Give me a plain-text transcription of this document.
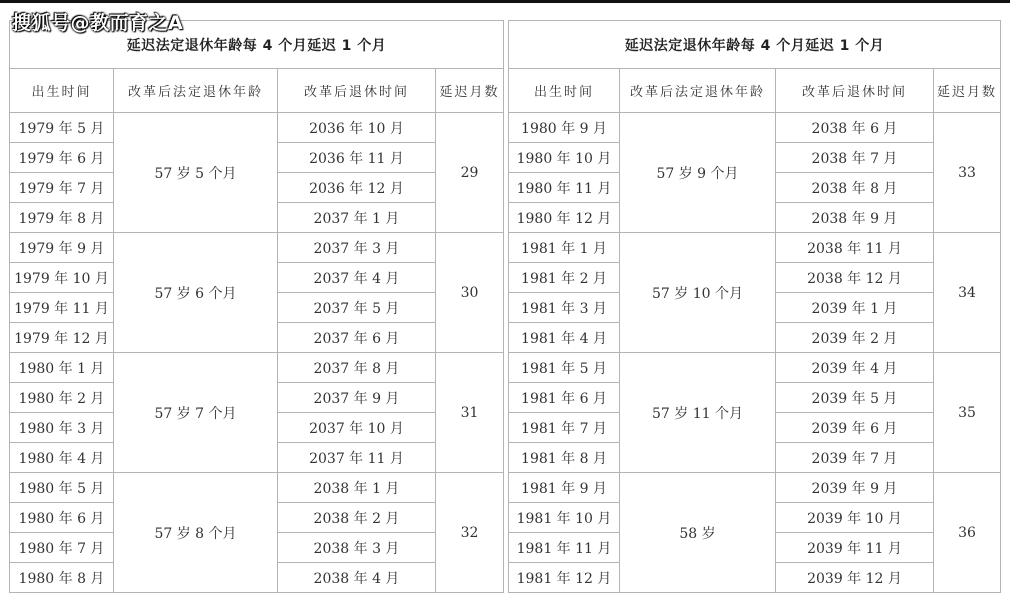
搜狐号@教而育之A
延迟法定退休年龄每 4 个月延迟 1 个月			
出生时间	改革后法定退休年龄	改革后退休时间	延迟月数
1979 年 5 月	57 岁 5 个月	2036 年 10 月	29
1979 年 6 月		2036 年 11 月	
1979 年 7 月		2036 年 12 月	
1979 年 8 月		2037 年 1 月	
1979 年 9 月	57 岁 6 个月	2037 年 3 月	30
1979 年 10 月		2037 年 4 月	
1979 年 11 月		2037 年 5 月	
1979 年 12 月		2037 年 6 月	
1980 年 1 月	57 岁 7 个月	2037 年 8 月	31
1980 年 2 月		2037 年 9 月	
1980 年 3 月		2037 年 10 月	
1980 年 4 月		2037 年 11 月	
1980 年 5 月	57 岁 8 个月	2038 年 1 月	32
1980 年 6 月		2038 年 2 月	
1980 年 7 月		2038 年 3 月	
1980 年 8 月		2038 年 4 月	
延迟法定退休年龄每 4 个月延迟 1 个月			
出生时间	改革后法定退休年龄	改革后退休时间	延迟月数
1980 年 9 月	57 岁 9 个月	2038 年 6 月	33
1980 年 10 月		2038 年 7 月	
1980 年 11 月		2038 年 8 月	
1980 年 12 月		2038 年 9 月	
1981 年 1 月	57 岁 10 个月	2038 年 11 月	34
1981 年 2 月		2038 年 12 月	
1981 年 3 月		2039 年 1 月	
1981 年 4 月		2039 年 2 月	
1981 年 5 月	57 岁 11 个月	2039 年 4 月	35
1981 年 6 月		2039 年 5 月	
1981 年 7 月		2039 年 6 月	
1981 年 8 月		2039 年 7 月	
1981 年 9 月	58 岁	2039 年 9 月	36
1981 年 10 月		2039 年 10 月	
1981 年 11 月		2039 年 11 月	
1981 年 12 月		2039 年 12 月	
